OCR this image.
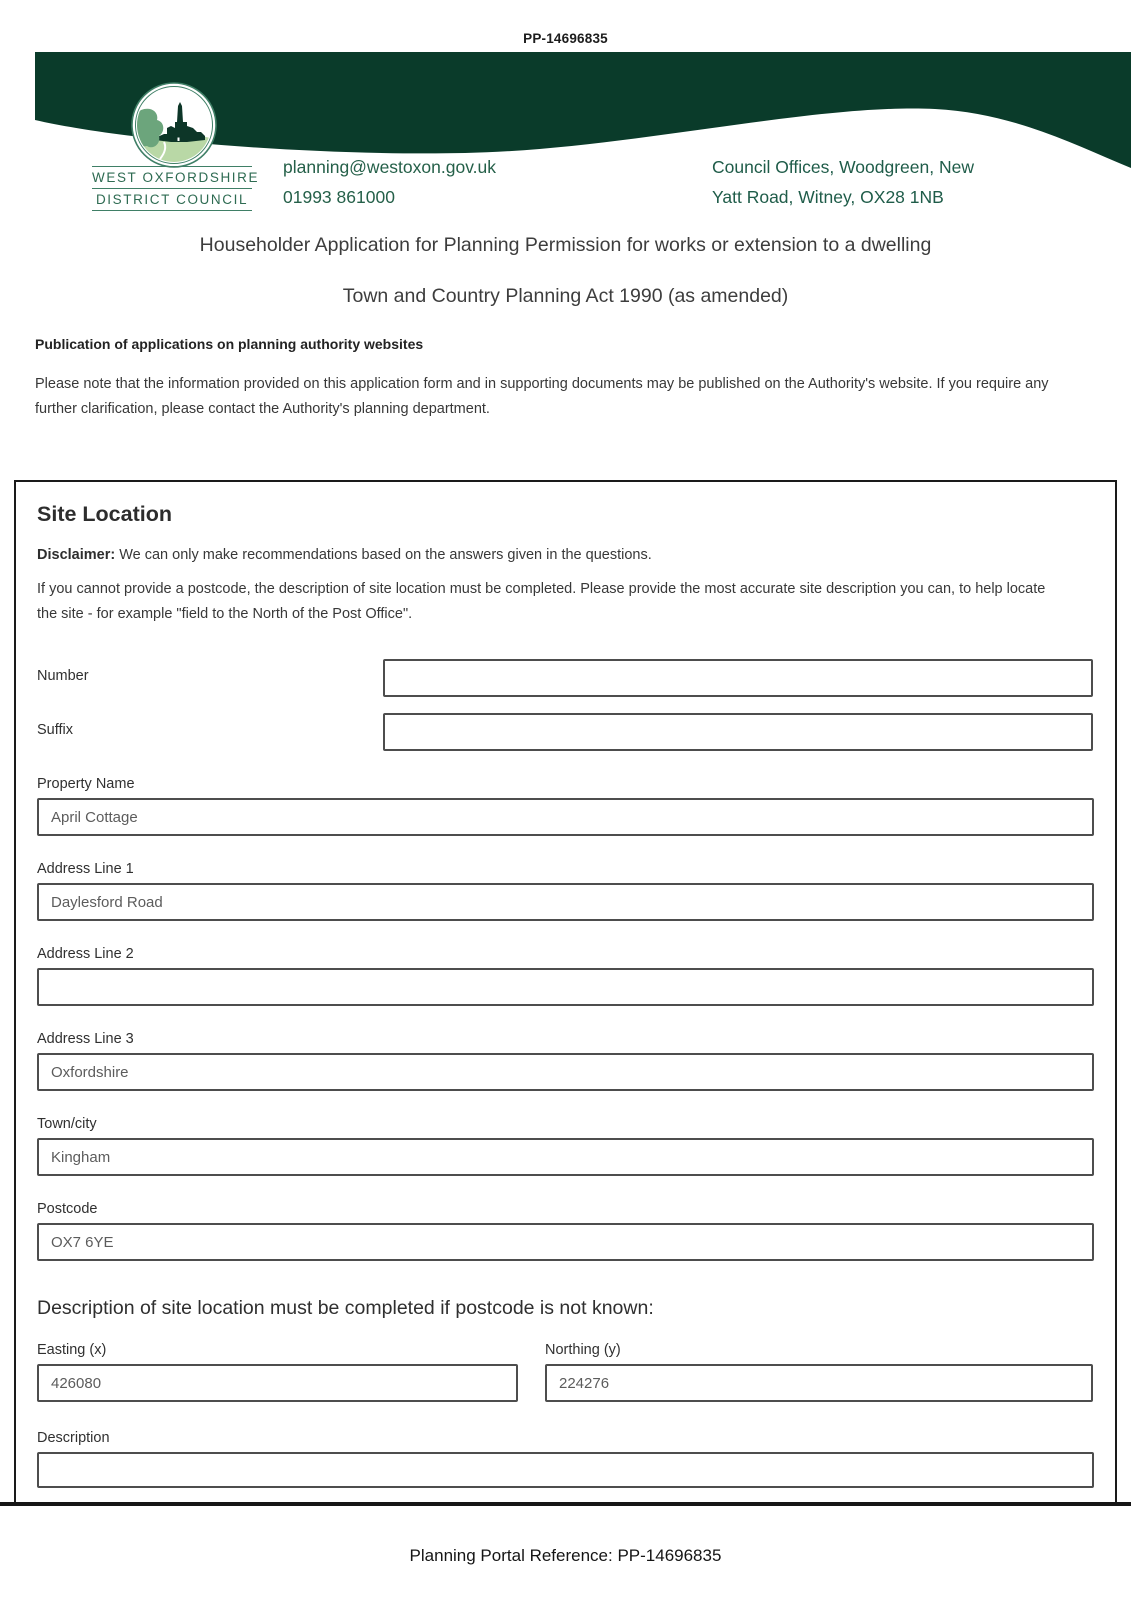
PP-14696835
WEST OXFORDSHIRE
DISTRICT COUNCIL
planning@westoxon.gov.uk
01993 861000
Council Offices, Woodgreen, New
Yatt Road, Witney, OX28 1NB
Householder Application for Planning Permission for works or extension to a dwelling
Town and Country Planning Act 1990 (as amended)
Publication of applications on planning authority websites

Please note that the information provided on this application form and in supporting documents may be published on the Authority's website. If you require any further clarification, please contact the Authority's planning department.

Site Location

Disclaimer: We can only make recommendations based on the answers given in the questions.

If you cannot provide a postcode, the description of site location must be completed. Please provide the most accurate site description you can, to help locate the site - for example "field to the North of the Post Office".

Number
Suffix
Property Name
April Cottage
Address Line 1
Daylesford Road
Address Line 2
Address Line 3
Oxfordshire
Town/city
Kingham
Postcode
OX7 6YE
Description of site location must be completed if postcode is not known:
Easting (x)
426080	Northing (y)
224276
Description
Planning Portal Reference: PP-14696835
